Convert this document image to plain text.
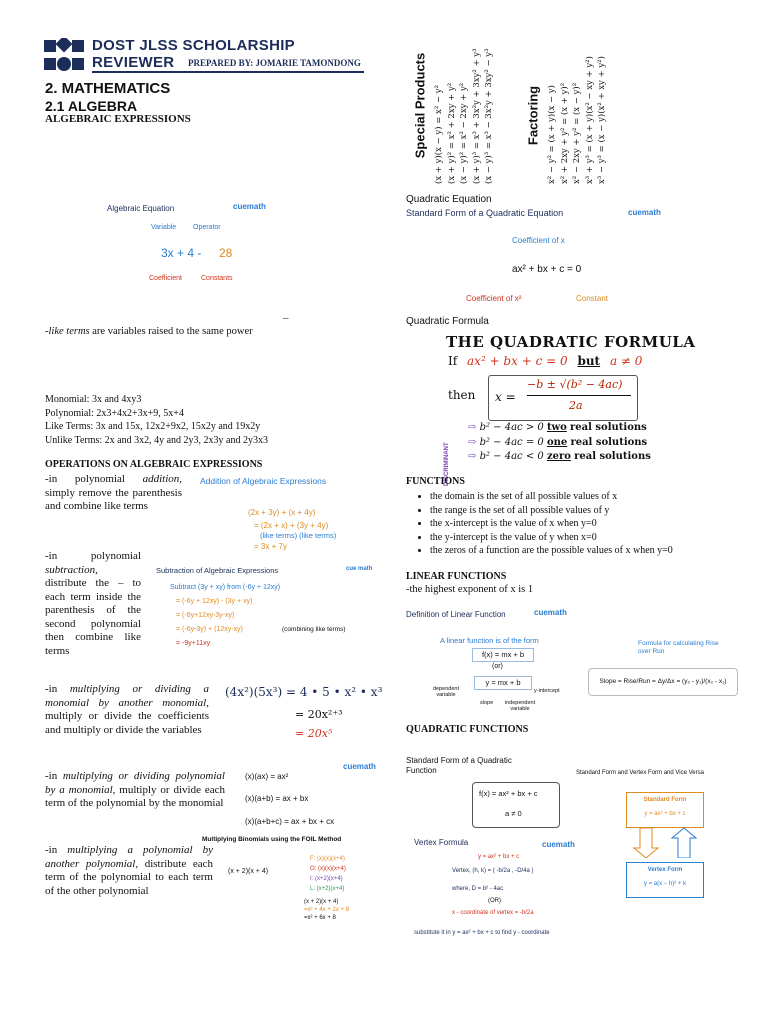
DOST JLSS SCHOLARSHIP
REVIEWER PREPARED BY: JOMARIE TAMONDONG
2. MATHEMATICS
2.1 ALGEBRA
ALGEBRAIC EXPRESSIONS
Algebraic Equation	cuemath
Variable Operator
3x + 4 - 28
Coefficient	Constants
-like terms are variables raised to the same power
–
Monomial: 3x and 4xy3
Polynomial: 2x3+4x2+3x+9, 5x+4
Like Terms: 3x and 15x, 12x2+9x2, 15x2y and 19x2y
Unlike Terms: 2x and 3x2, 4y and 2y3, 2x3y and 2y3x3
OPERATIONS ON ALGEBRAIC EXPRESSIONS
-in polynomial addition, simply remove the parenthesis and combine like terms
Addition of Algebraic Expressions
(2x + 3y) + (x + 4y)
= (2x + x) + (3y + 4y)
(like terms) (like terms)
= 3x + 7y
-in polynomial subtraction, distribute the – to each term inside the parenthesis of the second polynomial then combine like terms
Subtraction of Algebraic Expressions	cue math
Subtract (3y + xy) from (-6y + 12xy)
= (-6y + 12xy) - (3y + xy)
= (-6y+12xy-3y-xy)
= (-6y-3y) + (12xy-xy)	(combining like terms)
= -9y+11xy
-in multiplying or dividing a monomial by another monomial, multiply or divide the coefficients and multiply or divide the variables
(4x²)(5x³) = 4 • 5 • x² • x³
= 20x²⁺³
= 20x⁵
-in multiplying or dividing polynomial by a monomial, multiply or divide each term of the polynomial by the monomial
cuemath
(x)(ax) = ax²
(x)(a+b) = ax + bx
(x)(a+b+c) = ax + bx + cx
-in multiplying a polynomial by another polynomial, distribute each term of the polynomial to each term of the other polynomial
Multiplying Binomials using the FOIL Method
(x + 2)(x + 4)
F: (x)(x)(x+4)
O: (x)(x)(x+4)
I: (x+2)(x+4)
L: (x+2)(x+4)
(x + 2)(x + 4)
=x² + 4x + 2x + 8
=x² + 6x + 8
Special Products (x + y)(x − y) = x² − y² (x + y)² = x² + 2xy + y² (x − y)² = x² − 2xy + y² (x + y)³ = x³ + 3x²y + 3xy² + y³ (x − y)³ = x³ − 3x²y + 3xy² − y³ Factoring x² − y² = (x + y)(x − y) x² + 2xy + y² = (x + y)² x² − 2xy + y² = (x − y)² x³ + y³ = (x + y)(x² − xy + y²) x³ − y³ = (x − y)(x² + xy + y²)
Quadratic Equation
Standard Form of a Quadratic Equation	cuemath
Coefficient of x
ax² + bx + c = 0
Coefficient of x²	Constant
Quadratic Formula
THE QUADRATIC FORMULA
If ax² + bx + c = 0 but a ≠ 0
then x =
−b ± √(b² − 4ac)
2a
DISCRIMINANT
⇨ b² − 4ac > 0 two real solutions
⇨ b² − 4ac = 0 one real solutions
⇨ b² − 4ac < 0 zero real solutions
FUNCTIONS
• the domain is the set of all possible values of x
• the range is the set of all possible values of y
• the x-intercept is the value of x when y=0
• the y-intercept is the value of y when x=0
• the zeros of a function are the possible values of x when y=0
LINEAR FUNCTIONS
-the highest exponent of x is 1
Definition of Linear Function	cuemath
A linear function is of the form
f(x) = mx + b
(or)
y = mx + b
dependent variable
slope	independent variable
y-intercept
Formula for calculating Rise over Run
Slope = Rise/Run = Δy/Δx = (y₂ - y₁)/(x₂ - x₁)
QUADRATIC FUNCTIONS
Standard Form of a Quadratic Function
f(x) = ax² + bx + c
a ≠ 0
Standard Form and Vertex Form and Vice Versa
Standard Form
y = ax² + bx + c
Vertex Form
y = a(x − h)² + k
Vertex Formula	cuemath
y = ax² + bx + c
Vertex, (h, k) = ( -b/2a , -D/4a )
where, D = b² - 4ac
(OR)
x - coordinate of vertex = -b/2a
substitute it in y = ax² + bx + c to find y - coordinate
